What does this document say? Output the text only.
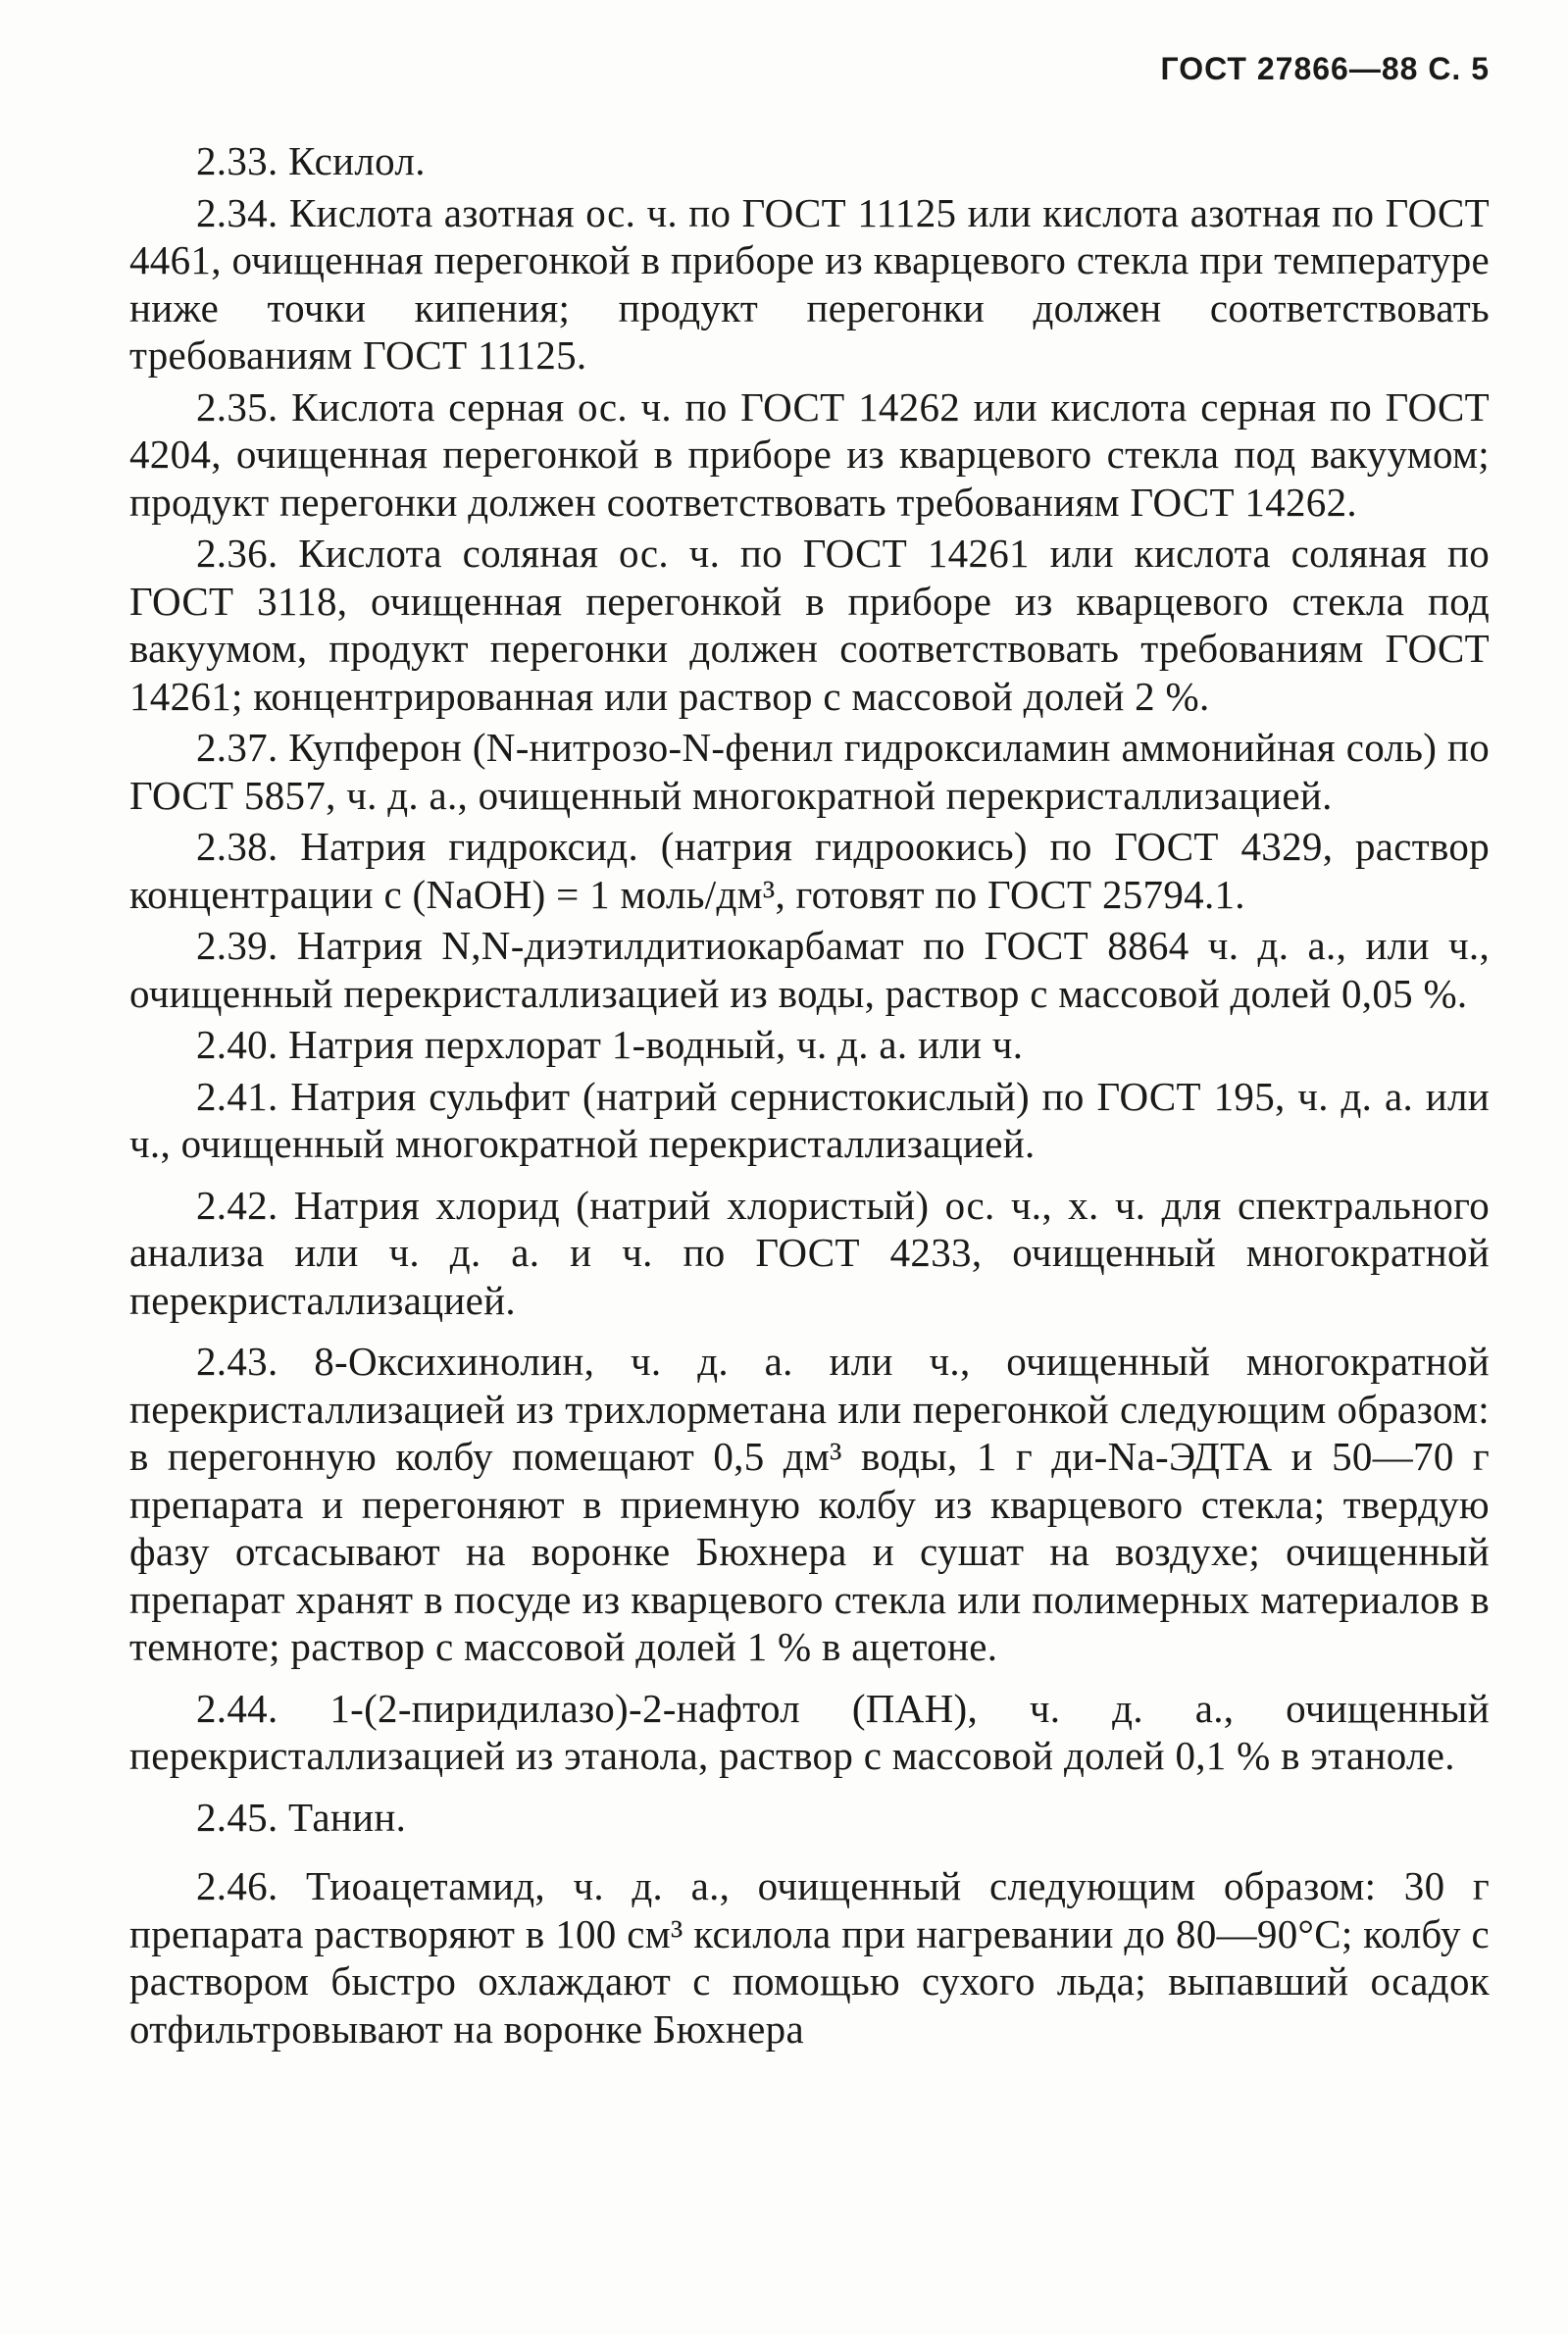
ГОСТ 27866—88 С. 5

2.33. Ксилол.

2.34. Кислота азотная ос. ч. по ГОСТ 11125 или кислота азотная по ГОСТ 4461, очищенная перегонкой в приборе из кварцевого стекла при температуре ниже точки кипения; продукт перегонки должен соответствовать требованиям ГОСТ 11125.

2.35. Кислота серная ос. ч. по ГОСТ 14262 или кислота серная по ГОСТ 4204, очищенная перегонкой в приборе из кварцевого стекла под вакуумом; продукт перегонки должен соответствовать требованиям ГОСТ 14262.

2.36. Кислота соляная ос. ч. по ГОСТ 14261 или кислота соляная по ГОСТ 3118, очищенная перегонкой в приборе из кварцевого стекла под вакуумом, продукт перегонки должен соответствовать требованиям ГОСТ 14261; концентрированная или раствор с массовой долей 2 %.

2.37. Купферон (N-нитрозо-N-фенил гидроксиламин аммонийная соль) по ГОСТ 5857, ч. д. а., очищенный многократной перекристаллизацией.

2.38. Натрия гидроксид. (натрия гидроокись) по ГОСТ 4329, раствор концентрации с (NaOH) = 1 моль/дм³, готовят по ГОСТ 25794.1.

2.39. Натрия N,N-диэтилдитиокарбамат по ГОСТ 8864 ч. д. а., или ч., очищенный перекристаллизацией из воды, раствор с массовой долей 0,05 %.

2.40. Натрия перхлорат 1-водный, ч. д. а. или ч.

2.41. Натрия сульфит (натрий сернистокислый) по ГОСТ 195, ч. д. а. или ч., очищенный многократной перекристаллизацией.

2.42. Натрия хлорид (натрий хлористый) ос. ч., х. ч. для спектрального анализа или ч. д. а. и ч. по ГОСТ 4233, очищенный многократной перекристаллизацией.

2.43. 8-Оксихинолин, ч. д. а. или ч., очищенный многократной перекристаллизацией из трихлорметана или перегонкой следующим образом: в перегонную колбу помещают 0,5 дм³ воды, 1 г ди-Na-ЭДТА и 50—70 г препарата и перегоняют в приемную колбу из кварцевого стекла; твердую фазу отсасывают на воронке Бюхнера и сушат на воздухе; очищенный препарат хранят в посуде из кварцевого стекла или полимерных материалов в темноте; раствор с массовой долей 1 % в ацетоне.

2.44. 1-(2-пиридилазо)-2-нафтол (ПАН), ч. д. а., очищенный перекристаллизацией из этанола, раствор с массовой долей 0,1 % в этаноле.

2.45. Танин.

2.46. Тиоацетамид, ч. д. а., очищенный следующим образом: 30 г препарата растворяют в 100 см³ ксилола при нагревании до 80—90°С; колбу с раствором быстро охлаждают с помощью сухого льда; выпавший осадок отфильтровывают на воронке Бюхнера
